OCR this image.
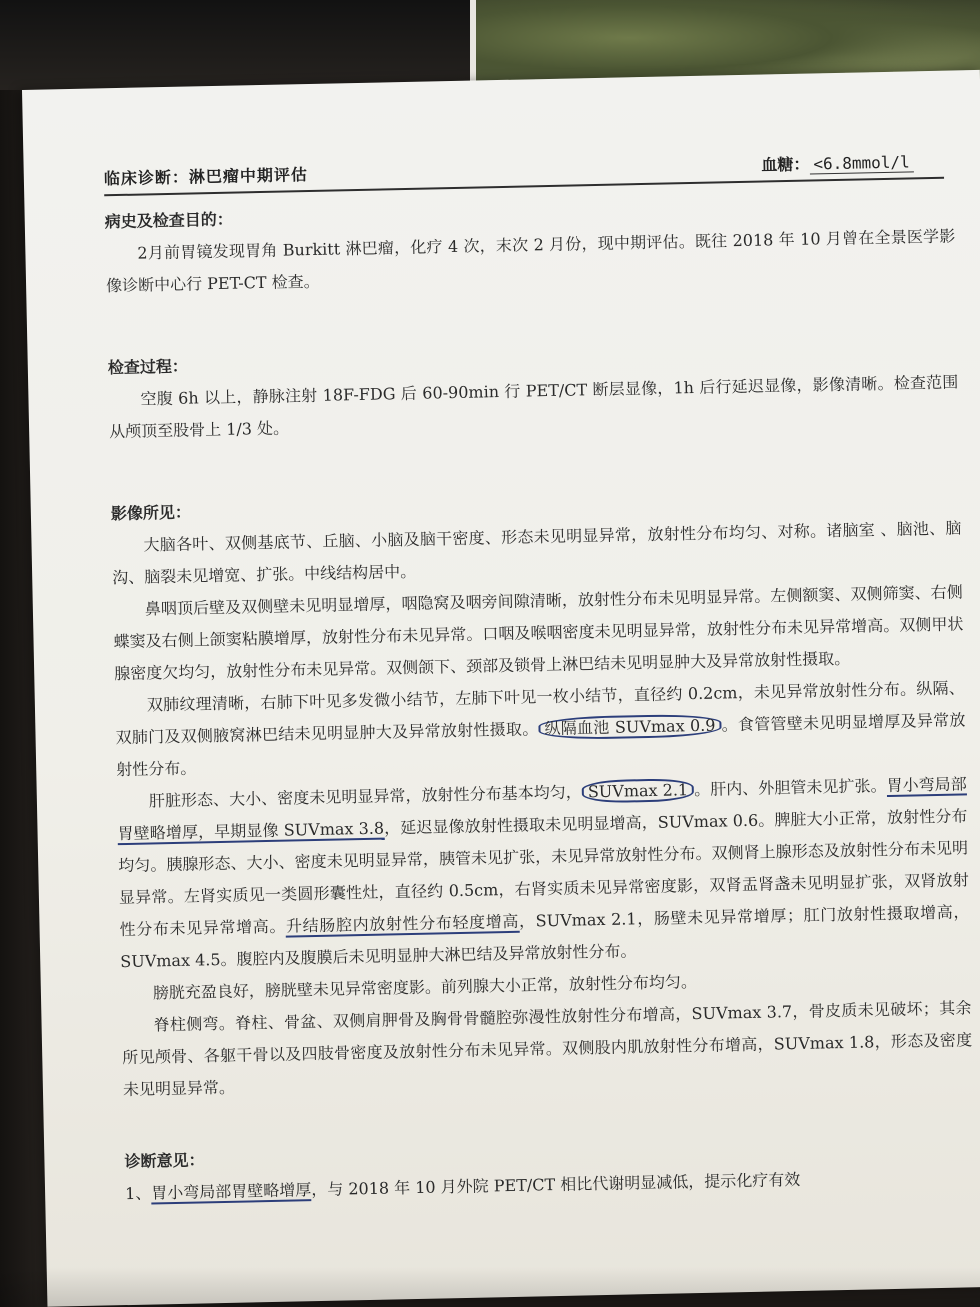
临床诊断：淋巴瘤中期评估
血糖： <6.8mmol/l

病史及检查目的：

2月前胃镜发现胃角 Burkitt 淋巴瘤，化疗 4 次，末次 2 月份，现中期评估。既往 2018 年 10 月曾在全景医学影像诊断中心行 PET-CT 检查。

检查过程：

空腹 6h 以上，静脉注射 18F-FDG 后 60-90min 行 PET/CT 断层显像，1h 后行延迟显像，影像清晰。检查范围从颅顶至股骨上 1/3 处。

影像所见：

大脑各叶、双侧基底节、丘脑、小脑及脑干密度、形态未见明显异常，放射性分布均匀、对称。诸脑室 、脑池、脑沟、脑裂未见增宽、扩张。中线结构居中。

鼻咽顶后壁及双侧壁未见明显增厚，咽隐窝及咽旁间隙清晰，放射性分布未见明显异常。左侧额窦、双侧筛窦、右侧蝶窦及右侧上颌窦粘膜增厚，放射性分布未见异常。口咽及喉咽密度未见明显异常，放射性分布未见异常增高。双侧甲状腺密度欠均匀，放射性分布未见异常。双侧颌下、颈部及锁骨上淋巴结未见明显肿大及异常放射性摄取。

双肺纹理清晰，右肺下叶见多发微小结节，左肺下叶见一枚小结节，直径约 0.2cm，未见异常放射性分布。纵隔、双肺门及双侧腋窝淋巴结未见明显肿大及异常放射性摄取。 纵隔血池 SUVmax 0.9 。食管管壁未见明显增厚及异常放射性分布。

肝脏形态、大小、密度未见明显异常，放射性分布基本均匀， SUVmax 2.1 。肝内、外胆管未见扩张。胃小弯局部胃壁略增厚，早期显像 SUVmax 3.8，延迟显像放射性摄取未见明显增高，SUVmax 0.6。脾脏大小正常，放射性分布均匀。胰腺形态、大小、密度未见明显异常，胰管未见扩张，未见异常放射性分布。双侧肾上腺形态及放射性分布未见明显异常。左肾实质见一类圆形囊性灶，直径约 0.5cm，右肾实质未见异常密度影，双肾盂肾盏未见明显扩张，双肾放射性分布未见异常增高。升结肠腔内放射性分布轻度增高，SUVmax 2.1，肠壁未见异常增厚；肛门放射性摄取增高，SUVmax 4.5。腹腔内及腹膜后未见明显肿大淋巴结及异常放射性分布。

膀胱充盈良好，膀胱壁未见异常密度影。前列腺大小正常，放射性分布均匀。

脊柱侧弯。脊柱、骨盆、双侧肩胛骨及胸骨骨髓腔弥漫性放射性分布增高，SUVmax 3.7，骨皮质未见破坏；其余所见颅骨、各躯干骨以及四肢骨密度及放射性分布未见异常。双侧股内肌放射性分布增高，SUVmax 1.8，形态及密度未见明显异常。

诊断意见：

1、胃小弯局部胃壁略增厚，与 2018 年 10 月外院 PET/CT 相比代谢明显减低，提示化疗有效
